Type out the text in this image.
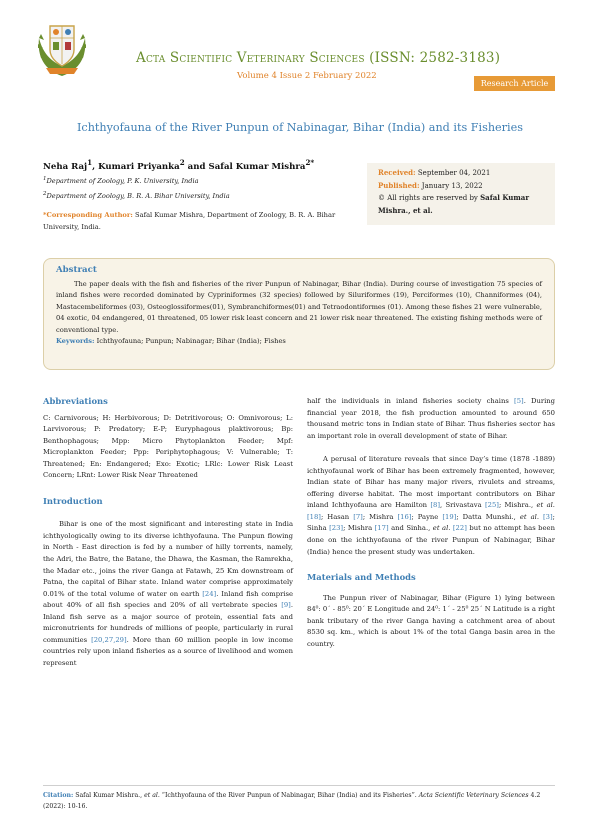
Acta Scientific Veterinary Sciences (ISSN: 2582-3183)
Volume 4 Issue 2 February 2022
Research Article
Ichthyofauna of the River Punpun of Nabinagar, Bihar (India) and its Fisheries
Neha Raj$^1$, Kumari Priyanka$^2$ and Safal Kumar Mishra$^{2*}$
$^1$Department of Zoology, P. K. University, India
$^2$Department of Zoology, B. R. A. Bihar University, India
*Corresponding Author: Safal Kumar Mishra, Department of Zoology, B. R. A. Bihar University, India.
Received: September 04, 2021
Published: January 13, 2022
© All rights are reserved by Safal Kumar Mishra., et al.
Abstract
The paper deals with the fish and fisheries of the river Punpun of Nabinagar, Bihar (India). During course of investigation 75 species of inland fishes were recorded dominated by Cypriniformes (32 species) followed by Siluriformes (19), Perciformes (10), Channiformes (04), Mastacembeliformes (03), Osteoglossiformes(01), Symbranchiformes(01) and Tetraodontiformes (01). Among these fishes 21 were vulnerable, 04 exotic, 04 endangered, 01 threatened, 05 lower risk least concern and 21 lower risk near threatened. The existing fishing methods were of conventional type.
Keywords: Ichthyofauna; Punpun; Nabinagar; Bihar (India); Fishes
Abbreviations
C: Carnivorous; H: Herbivorous; D: Detritivorous; O: Omnivorous; L: Larvivorous; P: Predatory; E-P; Euryphagous plaktivorous; Bp: Benthophagous; Mpp: Micro Phytoplankton Feeder; Mpf: Microplankton Feeder; Ppp: Periphytophagous; V: Vulnerable; T: Threatened; En: Endangered; Exo: Exotic; LRlc: Lower Risk Least Concern; LRnt: Lower Risk Near Threatened
Introduction
Bihar is one of the most significant and interesting state in India ichthyologically owing to its diverse ichthyofauna. The Punpun flowing in North - East direction is fed by a number of hilly torrents, namely, the Adri, the Batre, the Batane, the Dhawa, the Kasman, the Ramrekha, the Madar etc., joins the river Ganga at Fatawh, 25 Km downstream of Patna, the capital of Bihar state. Inland water comprise approximately 0.01% of the total volume of water on earth [24]. Inland fish comprise about 40% of all fish species and 20% of all vertebrate species [9]. Inland fish serve as a major source of protein, essential fats and micronutrients for hundreds of millions of people, particularly in rural communities [20,27,29]. More than 60 million people in low income countries rely upon inland fisheries as a source of livelihood and women represent
half the individuals in inland fisheries society chains [5]. During financial year 2018, the fish production amounted to around 650 thousand metric tons in Indian state of Bihar. Thus fisheries sector has an important role in overall development of state of Bihar.
A perusal of literature reveals that since Day’s time (1878 -1889) ichthyofaunal work of Bihar has been extremely fragmented, however, Indian state of Bihar has many major rivers, rivulets and streams, offering diverse habitat. The most important contributors on Bihar inland Ichthyofauna are Hamilton [8], Srivastava [25]; Mishra., et al. [18]; Hasan [7]; Mishra [16]; Payne [19]; Datta Munshi., et al. [3]; Sinha [23]; Mishra [17] and Sinha., et al. [22] but no attempt has been done on the ichthyofauna of the river Punpun of Nabinagar, Bihar (India) hence the present study was undertaken.
Materials and Methods
The Punpun river of Nabinagar, Bihar (Figure 1) lying between 84⁰: 0´ - 85⁰: 20´ E Longitude and 24⁰: 1´ - 25⁰ 25´ N Latitude is a right bank tributary of the river Ganga having a catchment area of about 8530 sq. km., which is about 1% of the total Ganga basin area in the country.
Citation: Safal Kumar Mishra., et al. “Ichthyofauna of the River Punpun of Nabinagar, Bihar (India) and its Fisheries”. Acta Scientific Veterinary Sciences 4.2 (2022): 10-16.
